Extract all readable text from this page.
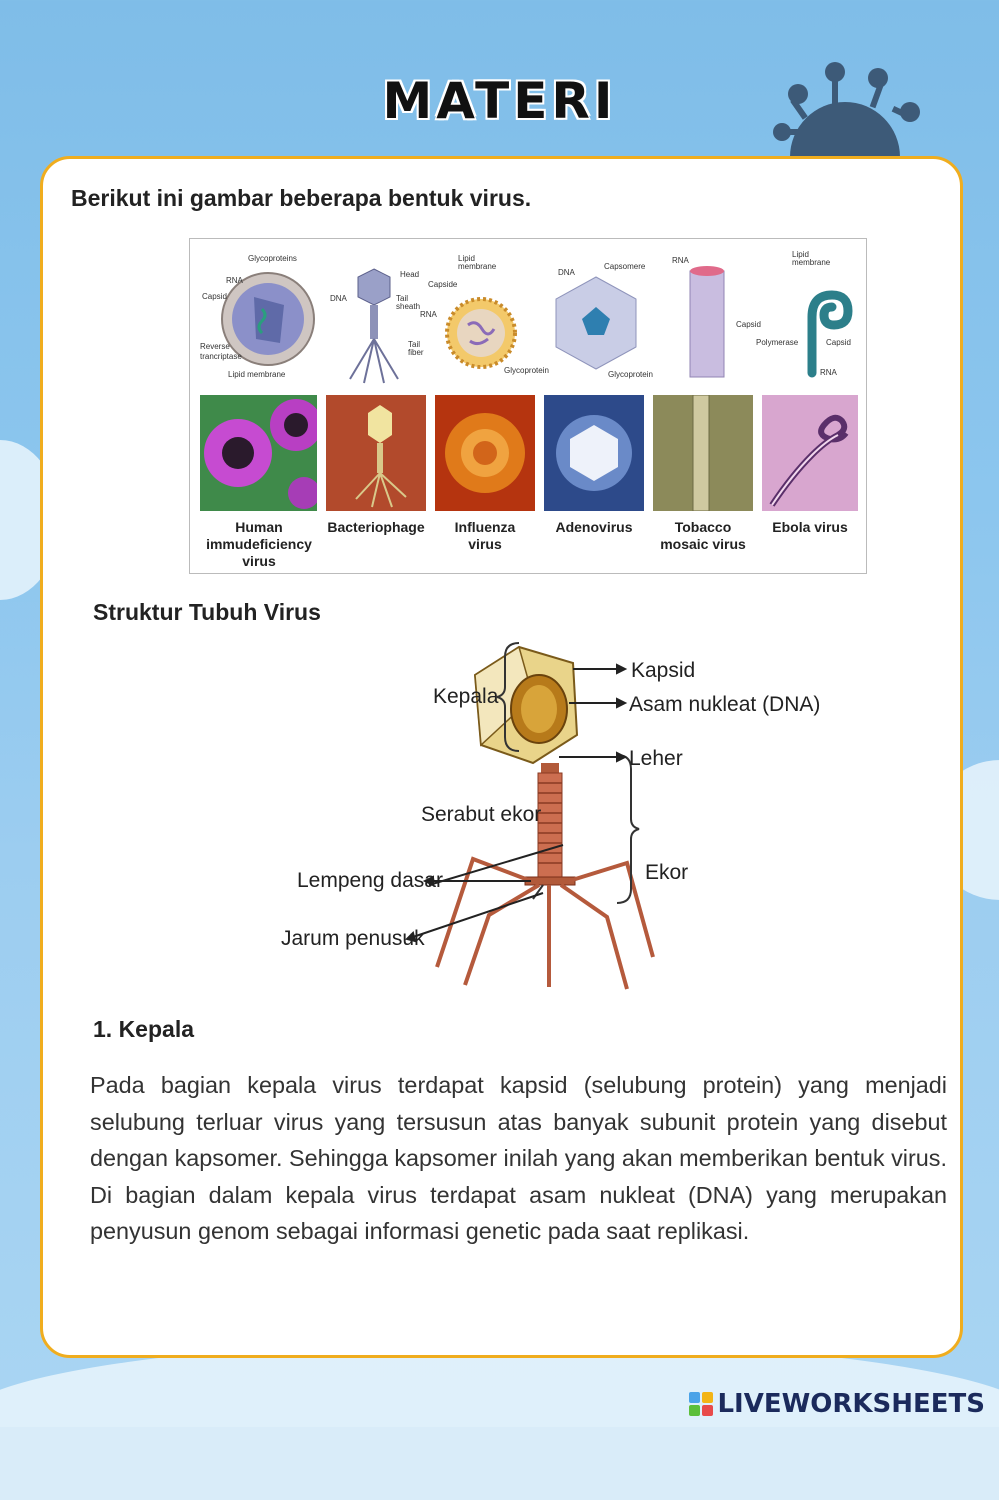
MATERI

Berikut ini gambar beberapa bentuk virus.

Glycoproteins
RNA
Capsid
Reverse
trancriptase
Lipid membrane
Head
DNA	Tail
sheath
Tail
fiber
Lipid
membrane
Capside
RNA
Glycoprotein
DNA
Capsomere
Glycoprotein
RNA
Capsid
Lipid
membrane
Polymerase	Capsid
RNA
Human immudeficiency virus
Bacteriophage	Influenza virus
Adenovirus	Tobacco mosaic virus
Ebola virus
Struktur Tubuh Virus
Kepala
Kapsid
Asam nukleat (DNA)
Leher
Serabut ekor
Ekor
Lempeng dasar
Jarum penusuk
1. Kepala

Pada bagian kepala virus terdapat kapsid (selubung protein) yang menjadi selubung terluar virus yang tersusun atas banyak subunit protein yang disebut dengan kapsomer. Sehingga kapsomer inilah yang akan memberikan bentuk virus. Di bagian dalam kepala virus terdapat asam nukleat (DNA) yang merupakan penyusun genom sebagai informasi genetic pada saat replikasi.

LIVEWORKSHEETS
